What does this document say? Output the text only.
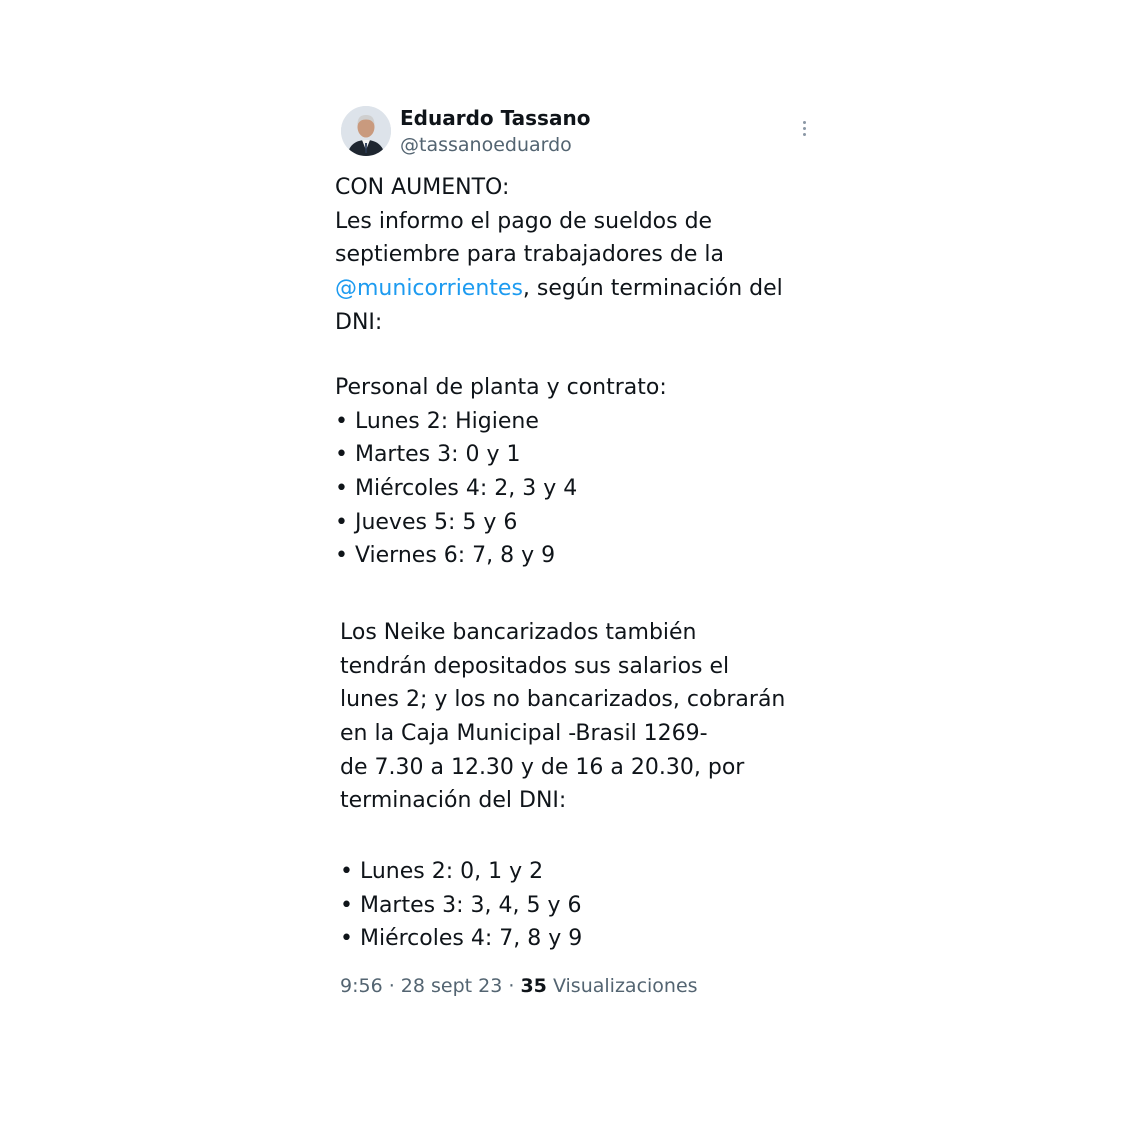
Eduardo Tassano
@tassanoeduardo
CON AUMENTO:
Les informo el pago de sueldos de
septiembre para trabajadores de la
@municorrientes, según terminación del
DNI:
Personal de planta y contrato:
• Lunes 2: Higiene
• Martes 3: 0 y 1
• Miércoles 4: 2, 3 y 4
• Jueves 5: 5 y 6
• Viernes 6: 7, 8 y 9
Los Neike bancarizados también
tendrán depositados sus salarios el
lunes 2; y los no bancarizados, cobrarán
en la Caja Municipal -Brasil 1269-
de 7.30 a 12.30 y de 16 a 20.30, por
terminación del DNI:
• Lunes 2: 0, 1 y 2
• Martes 3: 3, 4, 5 y 6
• Miércoles 4: 7, 8 y 9
9:56 · 28 sept 23 · 35 Visualizaciones
